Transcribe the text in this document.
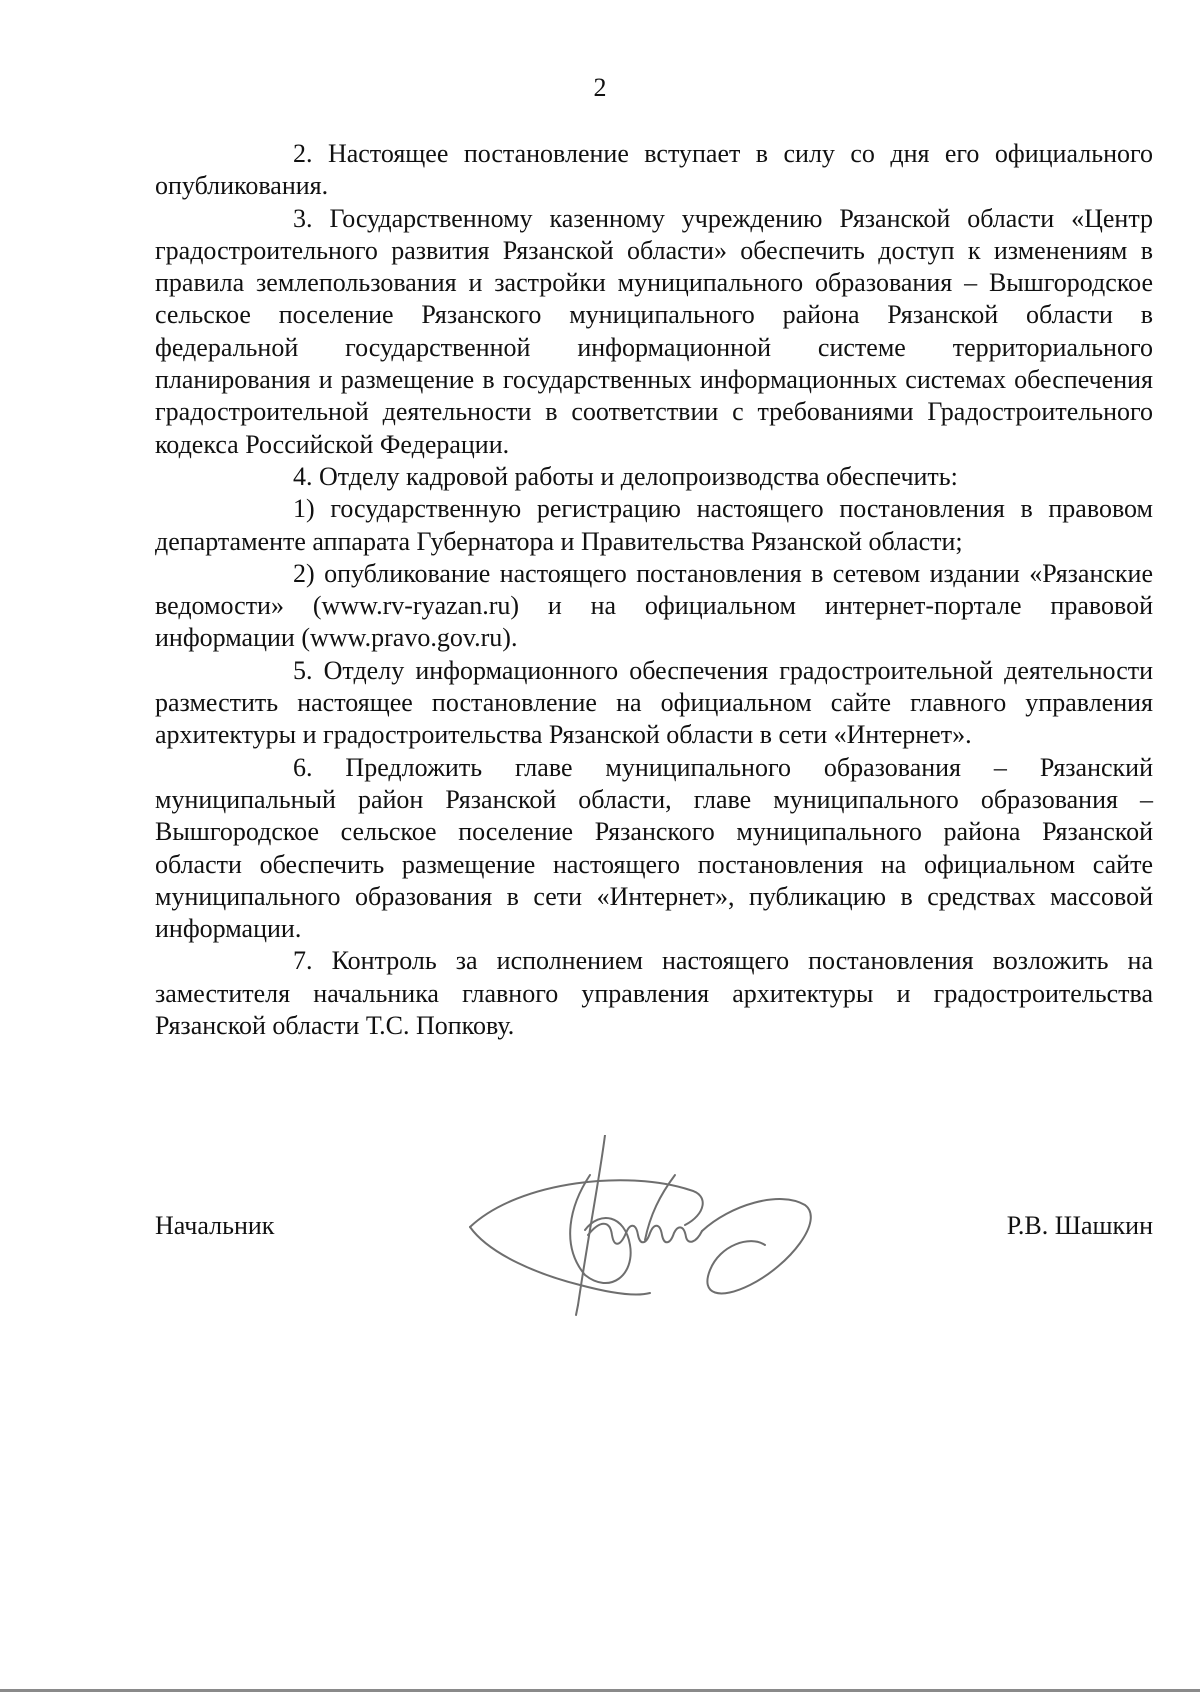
2

2. Настоящее постановление вступает в силу со дня его официального опубликования.

3. Государственному казенному учреждению Рязанской области «Центр градостроительного развития Рязанской области» обеспечить доступ к изменениям в правила землепользования и застройки муниципального образования – Вышгородское сельское поселение Рязанского муниципального района Рязанской области в федеральной государственной информационной системе территориального планирования и размещение в государственных информационных системах обеспечения градостроительной деятельности в соответствии с требованиями Градостроительного кодекса Российской Федерации.

4. Отделу кадровой работы и делопроизводства обеспечить:

1) государственную регистрацию настоящего постановления в правовом департаменте аппарата Губернатора и Правительства Рязанской области;

2) опубликование настоящего постановления в сетевом издании «Рязанские ведомости» (www.rv-ryazan.ru) и на официальном интернет-портале правовой информации (www.pravo.gov.ru).

5. Отделу информационного обеспечения градостроительной деятельности разместить настоящее постановление на официальном сайте главного управления архитектуры и градостроительства Рязанской области в сети «Интернет».

6. Предложить главе муниципального образования – Рязанский муниципальный район Рязанской области, главе муниципального образования – Вышгородское сельское поселение Рязанского муниципального района Рязанской области обеспечить размещение настоящего постановления на официальном сайте муниципального образования в сети «Интернет», публикацию в средствах массовой информации.

7. Контроль за исполнением настоящего постановления возложить на заместителя начальника главного управления архитектуры и градостроительства Рязанской области Т.С. Попкову.

Начальник	Р.В. Шашкин
